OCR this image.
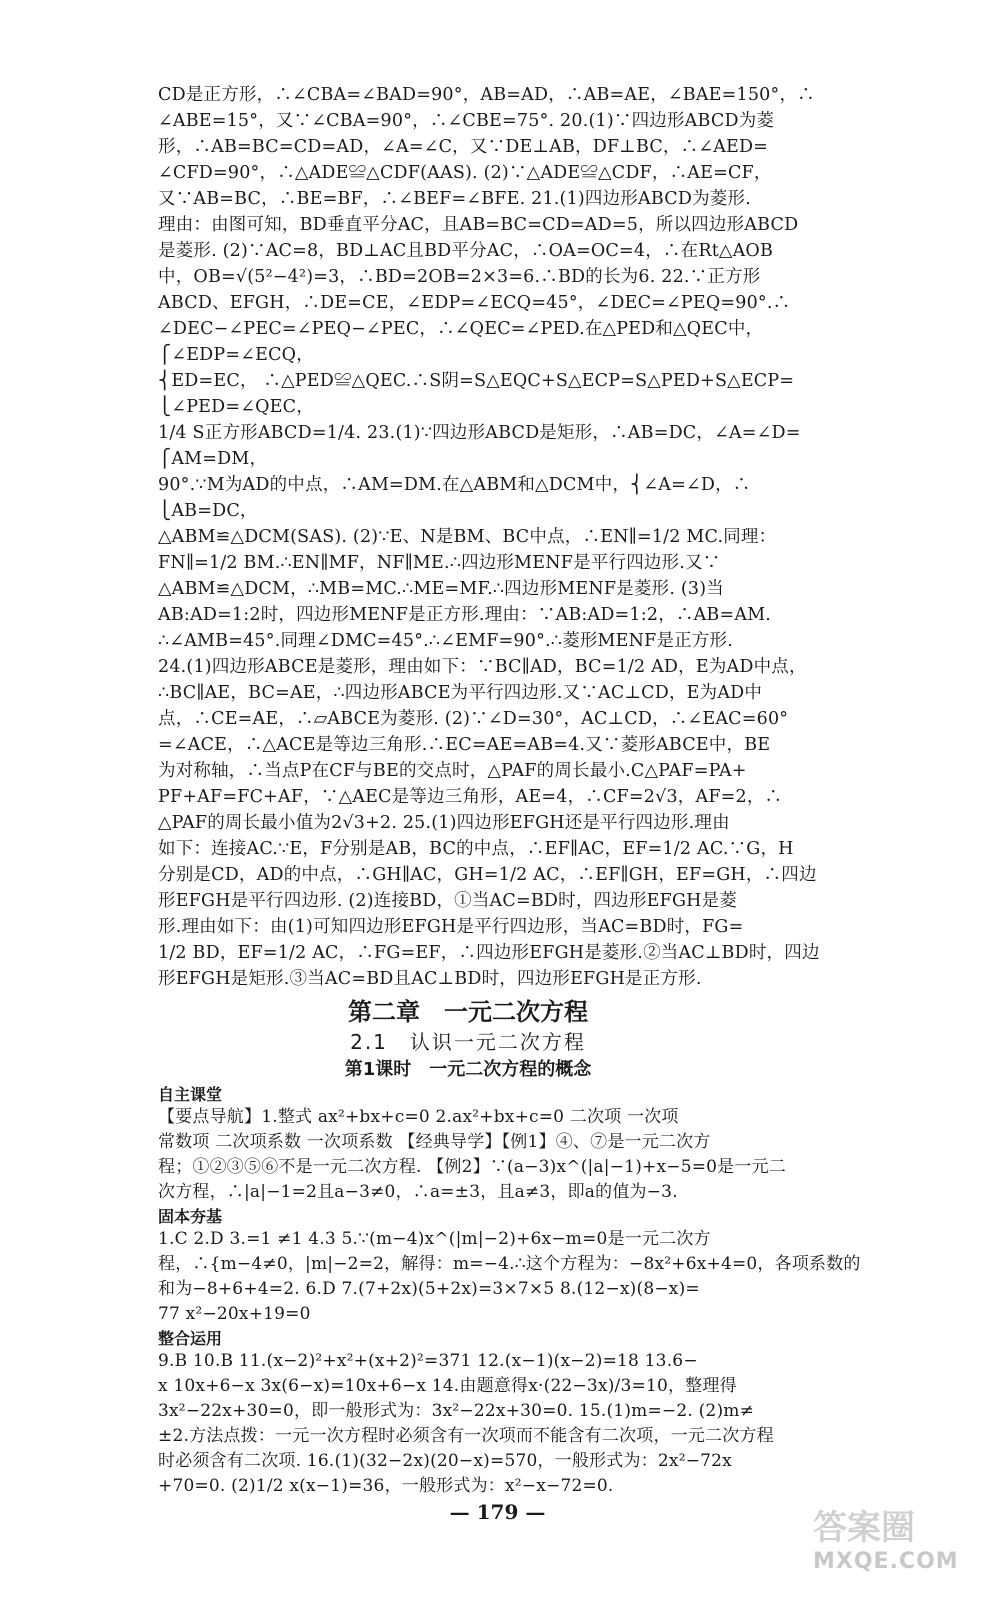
CD是正方形，∴∠CBA=∠BAD=90°，AB=AD，∴AB=AE，∠BAE=150°，∴
∠ABE=15°，又∵∠CBA=90°，∴∠CBE=75°. 20.(1)∵四边形ABCD为菱
形，∴AB=BC=CD=AD，∠A=∠C，又∵DE⊥AB，DF⊥BC，∴∠AED=
∠CFD=90°，∴△ADE≌△CDF(AAS). (2)∵△ADE≌△CDF，∴AE=CF，
又∵AB=BC，∴BE=BF，∴∠BEF=∠BFE. 21.(1)四边形ABCD为菱形.
理由：由图可知，BD垂直平分AC，且AB=BC=CD=AD=5，所以四边形ABCD
是菱形. (2)∵AC=8，BD⊥AC且BD平分AC，∴OA=OC=4，∴在Rt△AOB
中，OB=√(5²−4²)=3，∴BD=2OB=2×3=6.∴BD的长为6. 22.∵正方形
ABCD、EFGH，∴DE=CE，∠EDP=∠ECQ=45°，∠DEC=∠PEQ=90°.∴
∠DEC−∠PEC=∠PEQ−∠PEC，∴∠QEC=∠PED.在△PED和△QEC中，
⎧∠EDP=∠ECQ，
⎨ED=EC， ∴△PED≌△QEC.∴S阴=S△EQC+S△ECP=S△PED+S△ECP=
⎩∠PED=∠QEC，
1/4 S正方形ABCD=1/4. 23.(1)∵四边形ABCD是矩形，∴AB=DC，∠A=∠D=
⎧AM=DM，
90°.∵M为AD的中点，∴AM=DM.在△ABM和△DCM中，⎨∠A=∠D，∴
⎩AB=DC，
△ABM≌△DCM(SAS). (2)∵E、N是BM、BC中点，∴EN∥=1/2 MC.同理：
FN∥=1/2 BM.∴EN∥MF，NF∥ME.∴四边形MENF是平行四边形.又∵
△ABM≌△DCM，∴MB=MC.∴ME=MF.∴四边形MENF是菱形. (3)当
AB:AD=1:2时，四边形MENF是正方形.理由：∵AB:AD=1:2，∴AB=AM.
∴∠AMB=45°.同理∠DMC=45°.∴∠EMF=90°.∴菱形MENF是正方形.
24.(1)四边形ABCE是菱形，理由如下：∵BC∥AD，BC=1/2 AD，E为AD中点，
∴BC∥AE，BC=AE，∴四边形ABCE为平行四边形.又∵AC⊥CD，E为AD中
点，∴CE=AE，∴▱ABCE为菱形. (2)∵∠D=30°，AC⊥CD，∴∠EAC=60°
=∠ACE，∴△ACE是等边三角形.∴EC=AE=AB=4.又∵菱形ABCE中，BE
为对称轴，∴当点P在CF与BE的交点时，△PAF的周长最小.C△PAF=PA+
PF+AF=FC+AF，∵△AEC是等边三角形，AE=4，∴CF=2√3，AF=2，∴
△PAF的周长最小值为2√3+2. 25.(1)四边形EFGH还是平行四边形.理由
如下：连接AC.∵E，F分别是AB，BC的中点，∴EF∥AC，EF=1/2 AC.∵G，H
分别是CD，AD的中点，∴GH∥AC，GH=1/2 AC，∴EF∥GH，EF=GH，∴四边
形EFGH是平行四边形. (2)连接BD，①当AC=BD时，四边形EFGH是菱
形.理由如下：由(1)可知四边形EFGH是平行四边形，当AC=BD时，FG=
1/2 BD，EF=1/2 AC，∴FG=EF，∴四边形EFGH是菱形.②当AC⊥BD时，四边
形EFGH是矩形.③当AC=BD且AC⊥BD时，四边形EFGH是正方形.
第二章　一元二次方程
2.1　认识一元二次方程
第1课时　一元二次方程的概念
自主课堂
【要点导航】1.整式 ax²+bx+c=0 2.ax²+bx+c=0 二次项 一次项
常数项 二次项系数 一次项系数 【经典导学】【例1】④、⑦是一元二次方
程；①②③⑤⑥不是一元二次方程. 【例2】∵(a−3)x^(|a|−1)+x−5=0是一元二
次方程，∴|a|−1=2且a−3≠0，∴a=±3，且a≠3，即a的值为−3.
固本夯基
1.C 2.D 3.=1 ≠1 4.3 5.∵(m−4)x^(|m|−2)+6x−m=0是一元二次方
程，∴{m−4≠0，|m|−2=2，解得：m=−4.∴这个方程为：−8x²+6x+4=0，各项系数的
和为−8+6+4=2. 6.D 7.(7+2x)(5+2x)=3×7×5 8.(12−x)(8−x)=
77 x²−20x+19=0
整合运用
9.B 10.B 11.(x−2)²+x²+(x+2)²=371 12.(x−1)(x−2)=18 13.6−
x 10x+6−x 3x(6−x)=10x+6−x 14.由题意得x·(22−3x)/3=10，整理得
3x²−22x+30=0，即一般形式为：3x²−22x+30=0. 15.(1)m=−2. (2)m≠
±2.方法点拨：一元一次方程时必须含有一次项而不能含有二次项，一元二次方程
时必须含有二次项. 16.(1)(32−2x)(20−x)=570，一般形式为：2x²−72x
+70=0. (2)1/2 x(x−1)=36，一般形式为：x²−x−72=0.
— 179 —	答案圈
MXQE.COM
